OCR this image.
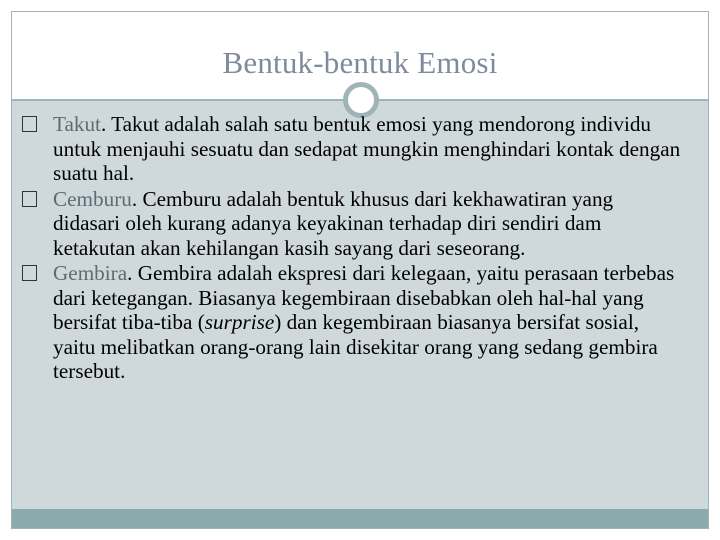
Bentuk-bentuk Emosi
Takut. Takut adalah salah satu bentuk emosi yang mendorong individu untuk menjauhi sesuatu dan sedapat mungkin menghindari kontak dengan suatu hal.
Cemburu. Cemburu adalah bentuk khusus dari kekhawatiran yang didasari oleh kurang adanya keyakinan terhadap diri sendiri dam ketakutan akan kehilangan kasih sayang dari seseorang.
Gembira. Gembira adalah ekspresi dari kelegaan, yaitu perasaan terbebas dari ketegangan. Biasanya kegembiraan disebabkan oleh hal-hal yang bersifat tiba-tiba (surprise) dan kegembiraan biasanya bersifat sosial, yaitu melibatkan orang-orang lain disekitar orang yang sedang gembira tersebut.
